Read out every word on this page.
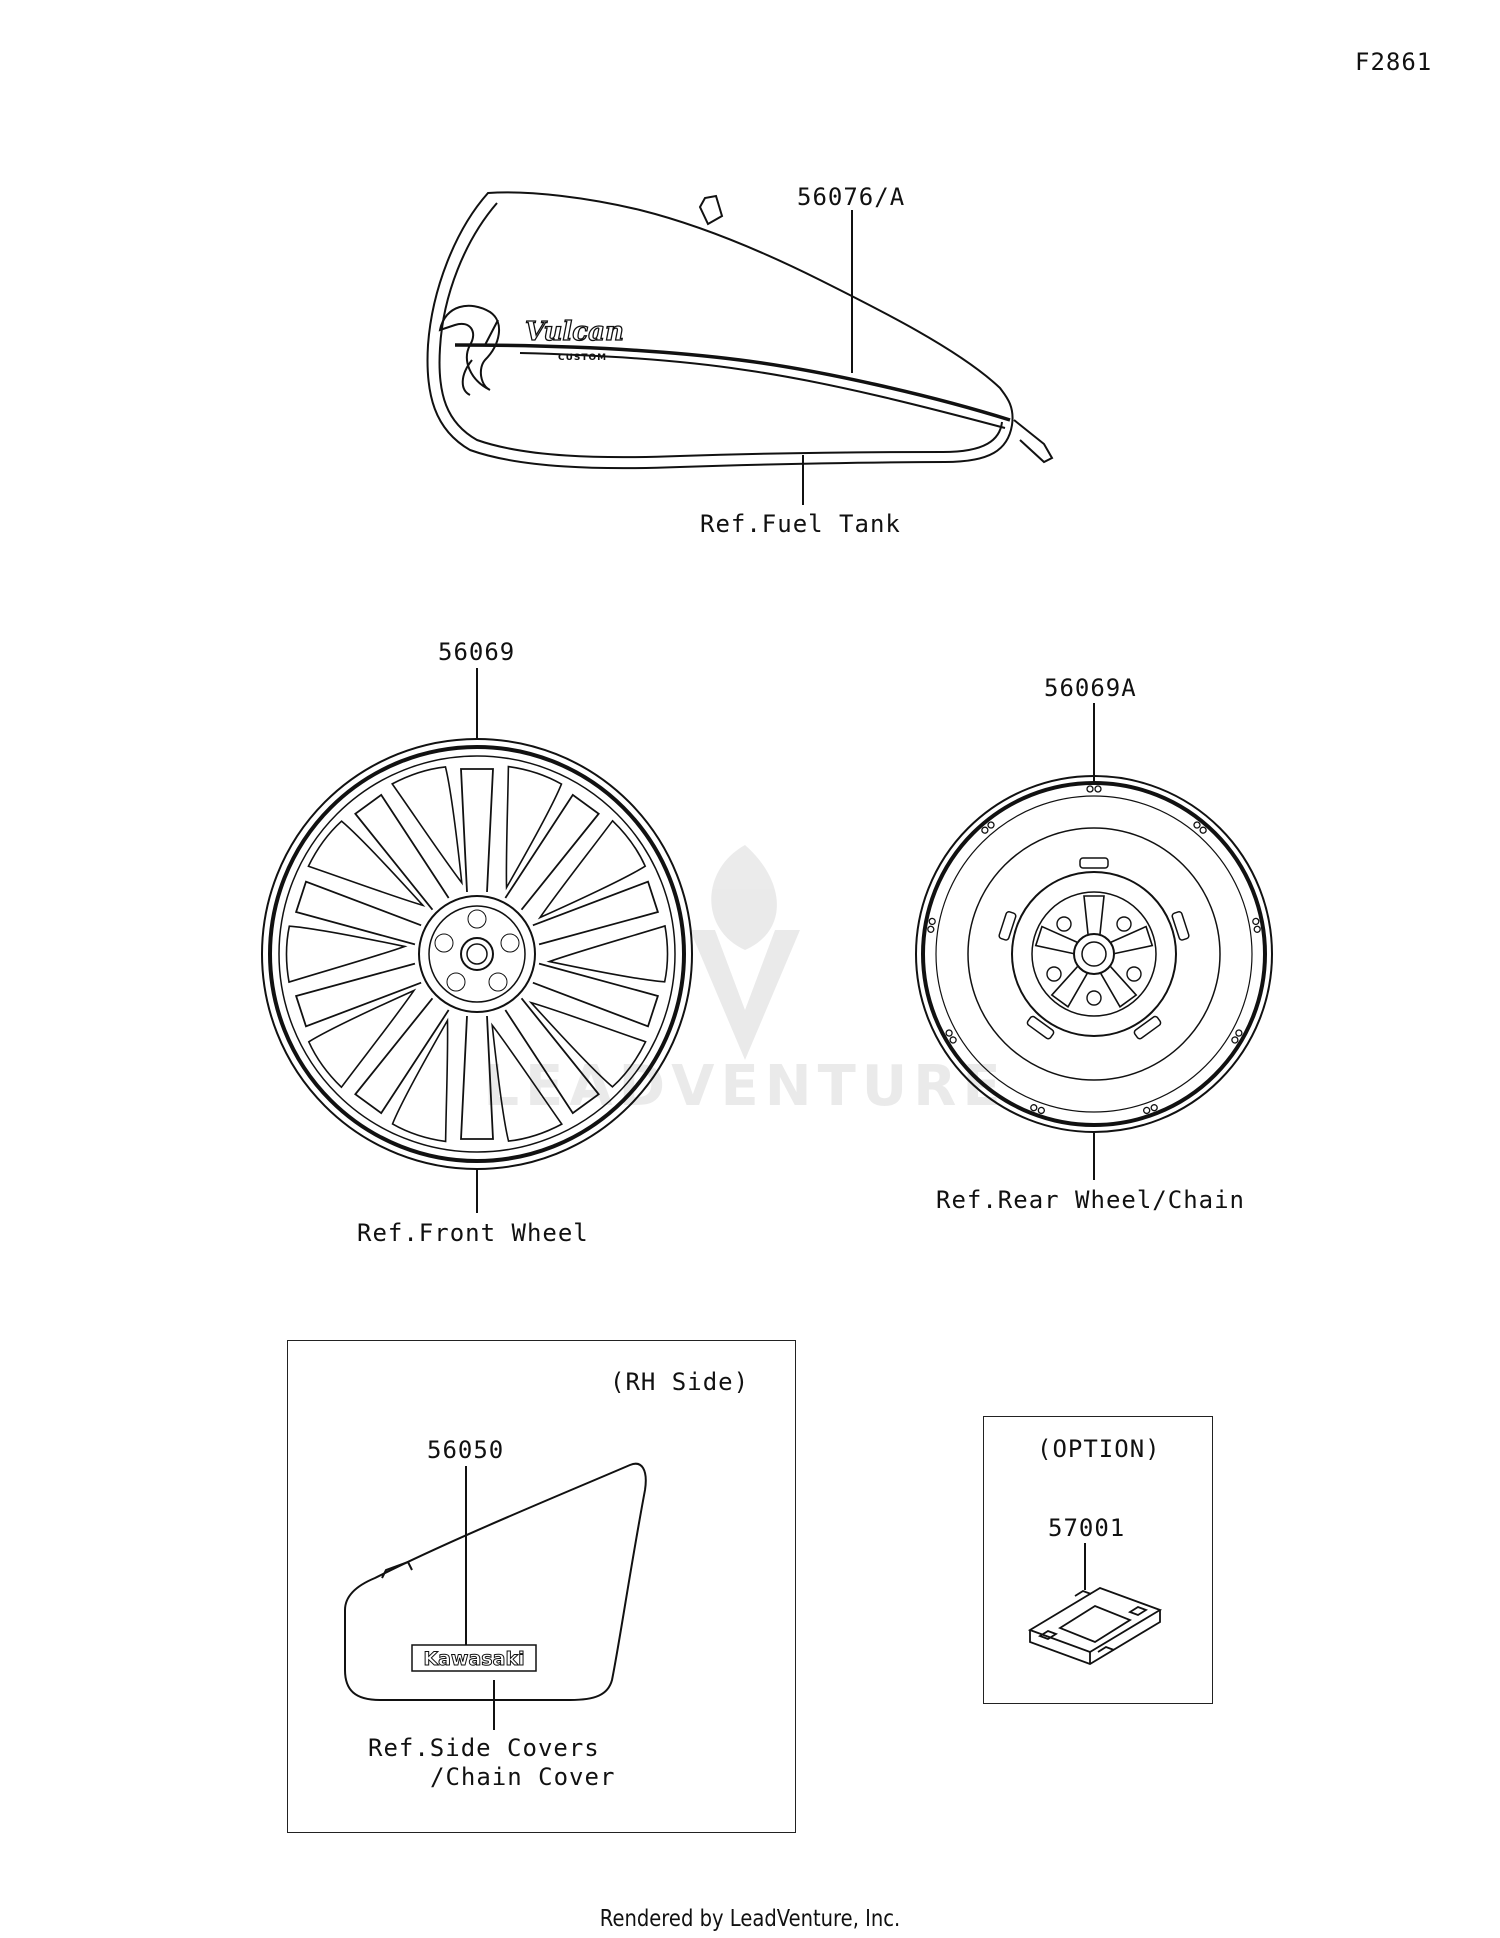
F2861
56076/A
Ref.Fuel Tank
56069
Ref.Front Wheel
56069A
Ref.Rear Wheel/Chain
(RH Side)
56050
Ref.Side Covers
/Chain Cover
(OPTION)
57001
LEADVENTURE
Vulcan
CUSTOM
Kawasaki
Rendered by LeadVenture, Inc.
